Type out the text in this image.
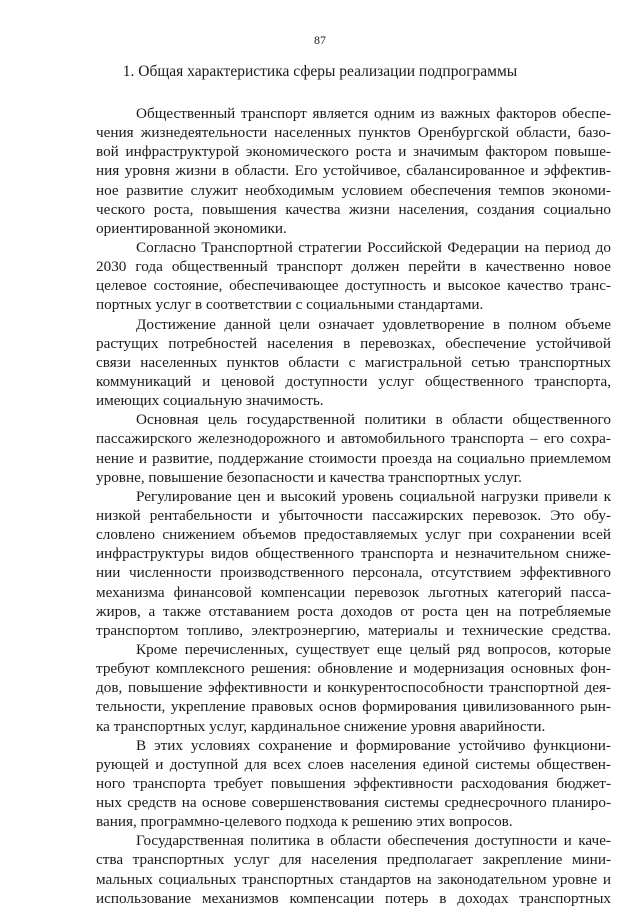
87
1. Общая характеристика сферы реализации подпрограммы
Общественный транспорт является одним из важных факторов обеспе-
чения жизнедеятельности населенных пунктов Оренбургской области, базо-
вой инфраструктурой экономического роста и значимым фактором повыше-
ния уровня жизни в области. Его устойчивое, сбалансированное и эффектив-
ное развитие служит необходимым условием обеспечения темпов экономи-
ческого роста, повышения качества жизни населения, создания социально
ориентированной экономики.
Согласно Транспортной стратегии Российской Федерации на период до
2030 года общественный транспорт должен перейти в качественно новое
целевое состояние, обеспечивающее доступность и высокое качество транс-
портных услуг в соответствии с социальными стандартами.
Достижение данной цели означает удовлетворение в полном объеме
растущих потребностей населения в перевозках, обеспечение устойчивой
связи населенных пунктов области с магистральной сетью транспортных
коммуникаций и ценовой доступности услуг общественного транспорта,
имеющих социальную значимость.
Основная цель государственной политики в области общественного
пассажирского железнодорожного и автомобильного транспорта – его сохра-
нение и развитие, поддержание стоимости проезда на социально приемлемом
уровне, повышение безопасности и качества транспортных услуг.
Регулирование цен и высокий уровень социальной нагрузки привели к
низкой рентабельности и убыточности пассажирских перевозок. Это обу-
словлено снижением объемов предоставляемых услуг при сохранении всей
инфраструктуры видов общественного транспорта и незначительном сниже-
нии численности производственного персонала, отсутствием эффективного
механизма финансовой компенсации перевозок льготных категорий пасса-
жиров, а также отставанием роста доходов от роста цен на потребляемые
транспортом топливо, электроэнергию, материалы и технические средства.
Кроме перечисленных, существует еще целый ряд вопросов, которые
требуют комплексного решения: обновление и модернизация основных фон-
дов, повышение эффективности и конкурентоспособности транспортной дея-
тельности, укрепление правовых основ формирования цивилизованного рын-
ка транспортных услуг, кардинальное снижение уровня аварийности.
В этих условиях сохранение и формирование устойчиво функциони-
рующей и доступной для всех слоев населения единой системы обществен-
ного транспорта требует повышения эффективности расходования бюджет-
ных средств на основе совершенствования системы среднесрочного планиро-
вания, программно-целевого подхода к решению этих вопросов.
Государственная политика в области обеспечения доступности и каче-
ства транспортных услуг для населения предполагает закрепление мини-
мальных социальных транспортных стандартов на законодательном уровне и
использование механизмов компенсации потерь в доходах транспортных
